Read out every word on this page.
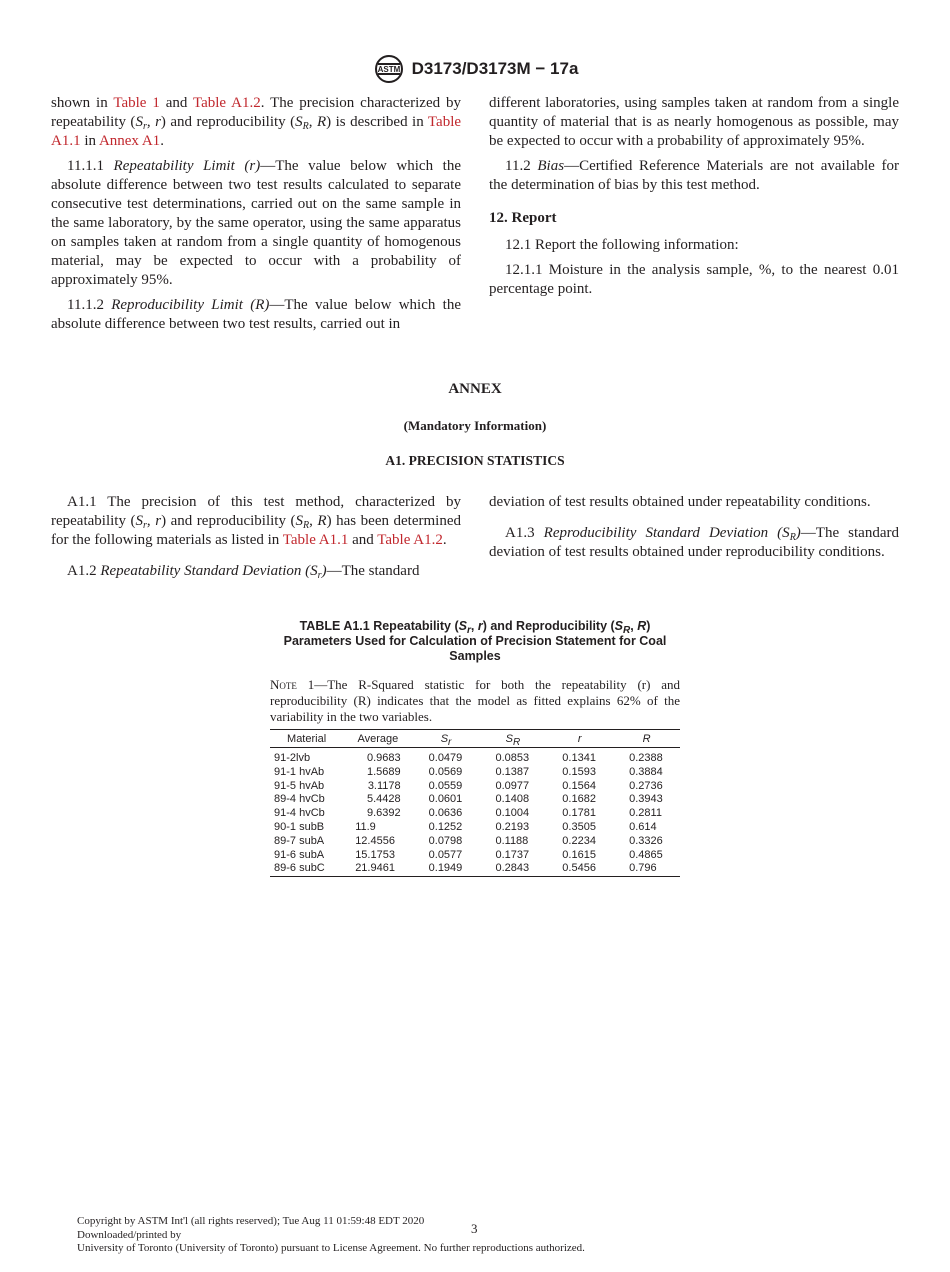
ASTM D3173/D3173M − 17a

shown in Table 1 and Table A1.2. The precision characterized by repeatability ($S_r$, r) and reproducibility ($S_R$, R) is described in Table A1.1 in Annex A1.

11.1.1 Repeatability Limit (r)—The value below which the absolute difference between two test results calculated to separate consecutive test determinations, carried out on the same sample in the same laboratory, by the same operator, using the same apparatus on samples taken at random from a single quantity of homogenous material, may be expected to occur with a probability of approximately 95%.

11.1.2 Reproducibility Limit (R)—The value below which the absolute difference between two test results, carried out in

different laboratories, using samples taken at random from a single quantity of material that is as nearly homogenous as possible, may be expected to occur with a probability of approximately 95%.

11.2 Bias—Certified Reference Materials are not available for the determination of bias by this test method.

12. Report

12.1 Report the following information:

12.1.1 Moisture in the analysis sample, %, to the nearest 0.01 percentage point.

ANNEX
(Mandatory Information)
A1. PRECISION STATISTICS

A1.1 The precision of this test method, characterized by repeatability ($S_r$, r) and reproducibility ($S_R$, R) has been determined for the following materials as listed in Table A1.1 and Table A1.2.

A1.2 Repeatability Standard Deviation $(S_r)—The$ standard

deviation of test results obtained under repeatability conditions.

A1.3 Reproducibility Standard Deviation $(S_R)—The$ standard deviation of test results obtained under reproducibility conditions.

TABLE A1.1 Repeatability ($S_r$, r) and Reproducibility ($S_R$, R) Parameters Used for Calculation of Precision Statement for Coal Samples

Note 1—The R-Squared statistic for both the repeatability (r) and reproducibility (R) indicates that the model as fitted explains 62% of the variability in the two variables.

Material	Average	$S_r$	$S_R$	r	R
91-2lvb	0.9683	0.0479	0.0853	0.1341	0.2388
91-1 hvAb	1.5689	0.0569	0.1387	0.1593	0.3884
91-5 hvAb	3.1178	0.0559	0.0977	0.1564	0.2736
89-4 hvCb	5.4428	0.0601	0.1408	0.1682	0.3943
91-4 hvCb	9.6392	0.0636	0.1004	0.1781	0.2811
90-1 subB	11.9	0.1252	0.2193	0.3505	0.614
89-7 subA	12.4556	0.0798	0.1188	0.2234	0.3326
91-6 subA	15.1753	0.0577	0.1737	0.1615	0.4865
89-6 subC	21.9461	0.1949	0.2843	0.5456	0.796
Copyright by ASTM Int'l (all rights reserved); Tue Aug 11 01:59:48 EDT 2020
Downloaded/printed by
University of Toronto (University of Toronto) pursuant to License Agreement. No further reproductions authorized.
3
